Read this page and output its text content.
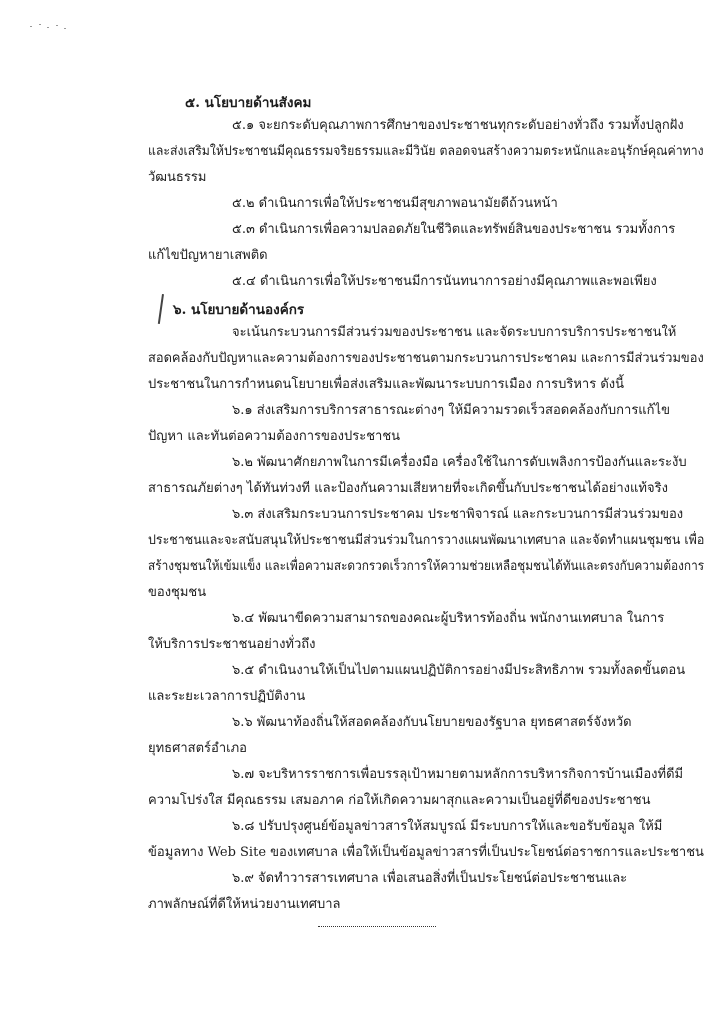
๕. นโยบายด้านสังคม
๕.๑ จะยกระดับคุณภาพการศึกษาของประชาชนทุกระดับอย่างทั่วถึง รวมทั้งปลูกฝัง
และส่งเสริมให้ประชาชนมีคุณธรรมจริยธรรมและมีวินัย ตลอดจนสร้างความตระหนักและอนุรักษ์คุณค่าทาง
วัฒนธรรม
๕.๒ ดำเนินการเพื่อให้ประชาชนมีสุขภาพอนามัยดีถ้วนหน้า
๕.๓ ดำเนินการเพื่อความปลอดภัยในชีวิตและทรัพย์สินของประชาชน รวมทั้งการ
แก้ไขปัญหายาเสพติด
๕.๔ ดำเนินการเพื่อให้ประชาชนมีการนันทนาการอย่างมีคุณภาพและพอเพียง
๖. นโยบายด้านองค์กร
จะเน้นกระบวนการมีส่วนร่วมของประชาชน และจัดระบบการบริการประชาชนให้
สอดคล้องกับปัญหาและความต้องการของประชาชนตามกระบวนการประชาคม และการมีส่วนร่วมของ
ประชาชนในการกำหนดนโยบายเพื่อส่งเสริมและพัฒนาระบบการเมือง การบริหาร ดังนี้
๖.๑ ส่งเสริมการบริการสาธารณะต่างๆ ให้มีความรวดเร็วสอดคล้องกับการแก้ไข
ปัญหา และทันต่อความต้องการของประชาชน
๖.๒ พัฒนาศักยภาพในการมีเครื่องมือ เครื่องใช้ในการดับเพลิงการป้องกันและระงับ
สาธารณภัยต่างๆ ได้ทันท่วงที และป้องกันความเสียหายที่จะเกิดขึ้นกับประชาชนได้อย่างแท้จริง
๖.๓ ส่งเสริมกระบวนการประชาคม ประชาพิจารณ์ และกระบวนการมีส่วนร่วมของ
ประชาชนและจะสนับสนุนให้ประชาชนมีส่วนร่วมในการวางแผนพัฒนาเทศบาล และจัดทำแผนชุมชน เพื่อ
สร้างชุมชนให้เข้มแข็ง และเพื่อความสะดวกรวดเร็วการให้ความช่วยเหลือชุมชนได้ทันและตรงกับความต้องการ
ของชุมชน
๖.๔ พัฒนาขีดความสามารถของคณะผู้บริหารท้องถิ่น พนักงานเทศบาล ในการ
ให้บริการประชาชนอย่างทั่วถึง
๖.๕ ดำเนินงานให้เป็นไปตามแผนปฏิบัติการอย่างมีประสิทธิภาพ รวมทั้งลดขั้นตอน
และระยะเวลาการปฏิบัติงาน
๖.๖ พัฒนาท้องถิ่นให้สอดคล้องกับนโยบายของรัฐบาล ยุทธศาสตร์จังหวัด
ยุทธศาสตร์อำเภอ
๖.๗ จะบริหารราชการเพื่อบรรลุเป้าหมายตามหลักการบริหารกิจการบ้านเมืองที่ดีมี
ความโปร่งใส มีคุณธรรม เสมอภาค ก่อให้เกิดความผาสุกและความเป็นอยู่ที่ดีของประชาชน
๖.๘ ปรับปรุงศูนย์ข้อมูลข่าวสารให้สมบูรณ์ มีระบบการให้และขอรับข้อมูล ให้มี
ข้อมูลทาง Web Site ของเทศบาล เพื่อให้เป็นข้อมูลข่าวสารที่เป็นประโยชน์ต่อราชการและประชาชน
๖.๙ จัดทำวารสารเทศบาล เพื่อเสนอสิ่งที่เป็นประโยชน์ต่อประชาชนและ
ภาพลักษณ์ที่ดีให้หน่วยงานเทศบาล
